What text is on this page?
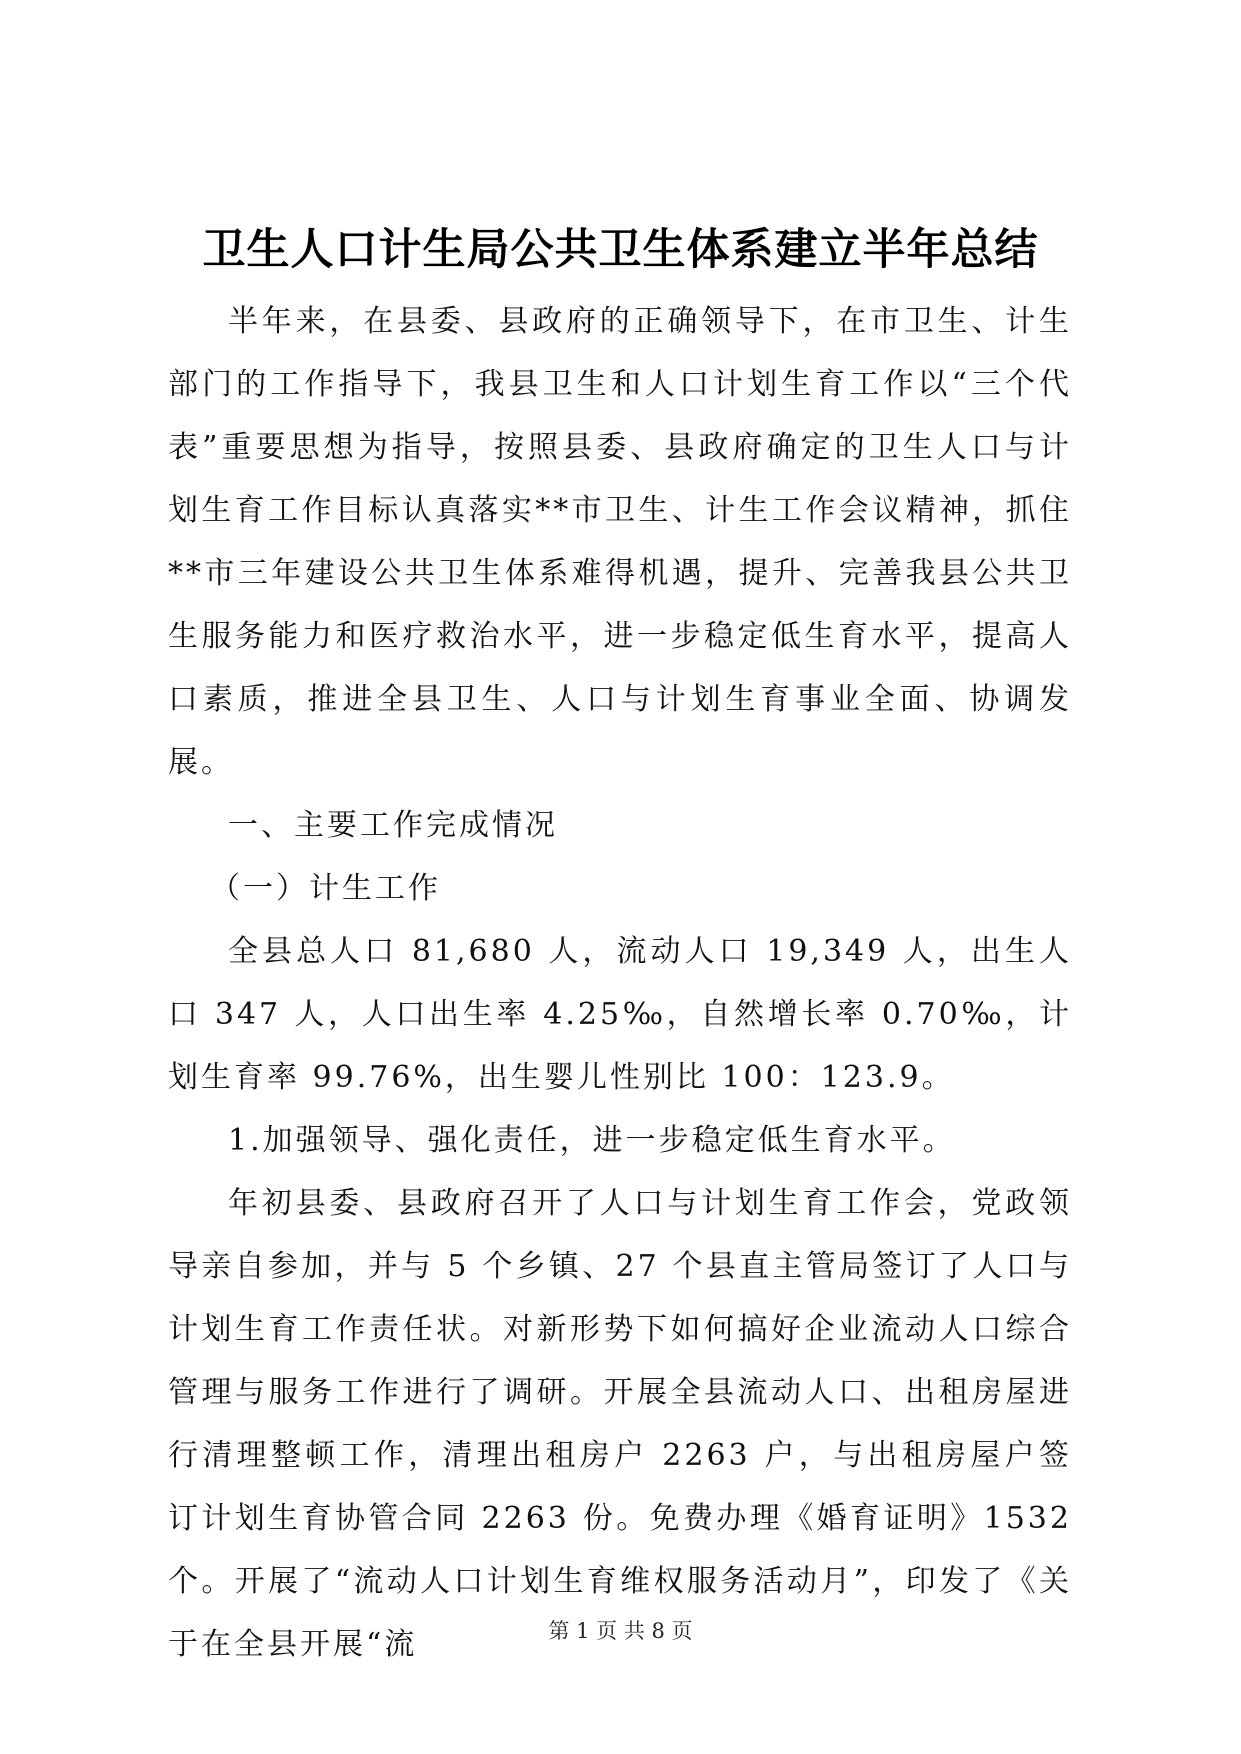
卫生人口计生局公共卫生体系建立半年总结

半年来，在县委、县政府的正确领导下，在市卫生、计生部门的工作指导下，我县卫生和人口计划生育工作以“三个代表”重要思想为指导，按照县委、县政府确定的卫生人口与计划生育工作目标认真落实**市卫生、计生工作会议精神，抓住**市三年建设公共卫生体系难得机遇，提升、完善我县公共卫生服务能力和医疗救治水平，进一步稳定低生育水平，提高人口素质，推进全县卫生、人口与计划生育事业全面、协调发展。

一、主要工作完成情况

（一）计生工作

全县总人口 81,680 人，流动人口 19,349 人，出生人口 347 人，人口出生率 4.25‰，自然增长率 0.70‰，计划生育率 99.76%，出生婴儿性别比 100：123.9。

1.加强领导、强化责任，进一步稳定低生育水平。

年初县委、县政府召开了人口与计划生育工作会，党政领导亲自参加，并与 5 个乡镇、27 个县直主管局签订了人口与计划生育工作责任状。对新形势下如何搞好企业流动人口综合管理与服务工作进行了调研。开展全县流动人口、出租房屋进行清理整顿工作，清理出租房户 2263 户，与出租房屋户签订计划生育协管合同 2263 份。免费办理《婚育证明》1532 个。开展了“流动人口计划生育维权服务活动月”，印发了《关于在全县开展“流	第 1 页 共 8 页
